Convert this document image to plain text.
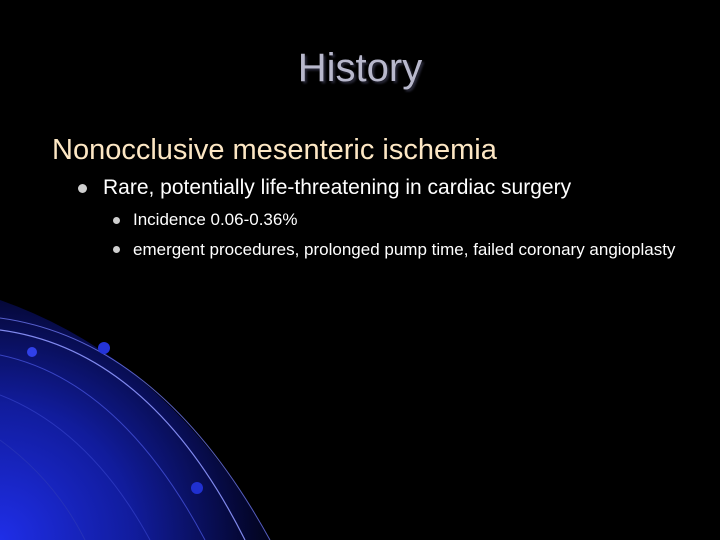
History
Nonocclusive mesenteric ischemia
Rare, potentially life-threatening in cardiac surgery
Incidence 0.06-0.36%
emergent procedures, prolonged pump time, failed coronary angioplasty
